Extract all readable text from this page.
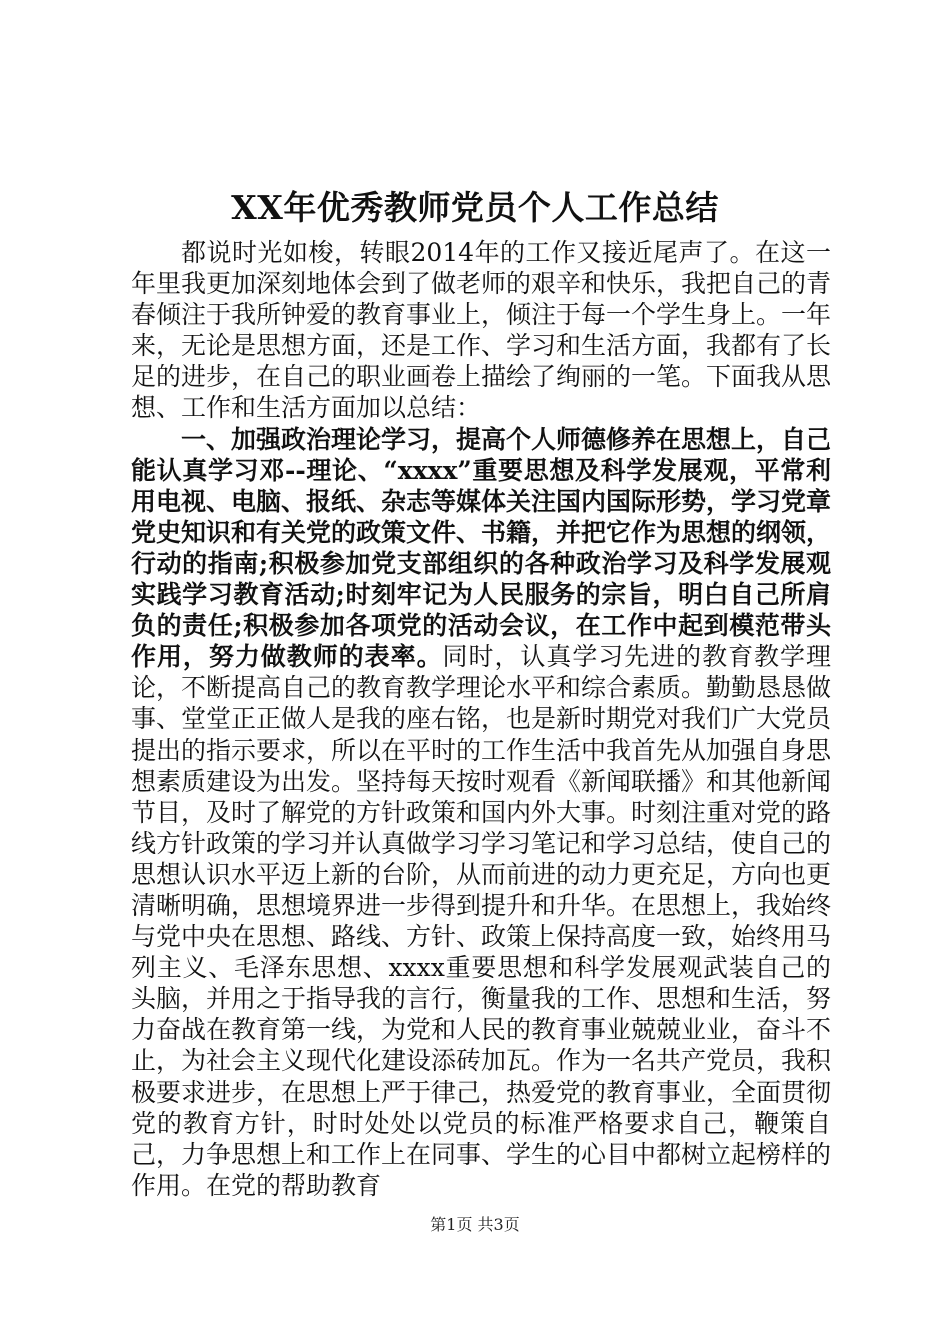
XX年优秀教师党员个人工作总结

都说时光如梭，转眼2014年的工作又接近尾声了。在这一年里我更加深刻地体会到了做老师的艰辛和快乐，我把自己的青春倾注于我所钟爱的教育事业上，倾注于每一个学生身上。一年来，无论是思想方面，还是工作、学习和生活方面，我都有了长足的进步，在自己的职业画卷上描绘了绚丽的一笔。下面我从思想、工作和生活方面加以总结：

一、加强政治理论学习，提高个人师德修养在思想上，自己能认真学习邓--理论、“xxxx”重要思想及科学发展观，平常利用电视、电脑、报纸、杂志等媒体关注国内国际形势，学习党章党史知识和有关党的政策文件、书籍，并把它作为思想的纲领，行动的指南;积极参加党支部组织的各种政治学习及科学发展观实践学习教育活动;时刻牢记为人民服务的宗旨，明白自己所肩负的责任;积极参加各项党的活动会议，在工作中起到模范带头作用，努力做教师的表率。同时，认真学习先进的教育教学理论，不断提高自己的教育教学理论水平和综合素质。勤勤恳恳做事、堂堂正正做人是我的座右铭，也是新时期党对我们广大党员提出的指示要求，所以在平时的工作生活中我首先从加强自身思想素质建设为出发。坚持每天按时观看《新闻联播》和其他新闻节目，及时了解党的方针政策和国内外大事。时刻注重对党的路线方针政策的学习并认真做学习学习笔记和学习总结，使自己的思想认识水平迈上新的台阶，从而前进的动力更充足，方向也更清晰明确，思想境界进一步得到提升和升华。在思想上，我始终与党中央在思想、路线、方针、政策上保持高度一致，始终用马列主义、毛泽东思想、xxxx重要思想和科学发展观武装自己的头脑，并用之于指导我的言行，衡量我的工作、思想和生活，努力奋战在教育第一线，为党和人民的教育事业兢兢业业，奋斗不止，为社会主义现代化建设添砖加瓦。作为一名共产党员，我积极要求进步，在思想上严于律己，热爱党的教育事业，全面贯彻党的教育方针，时时处处以党员的标准严格要求自己，鞭策自己，力争思想上和工作上在同事、学生的心目中都树立起榜样的作用。在党的帮助教育

第1页 共3页
